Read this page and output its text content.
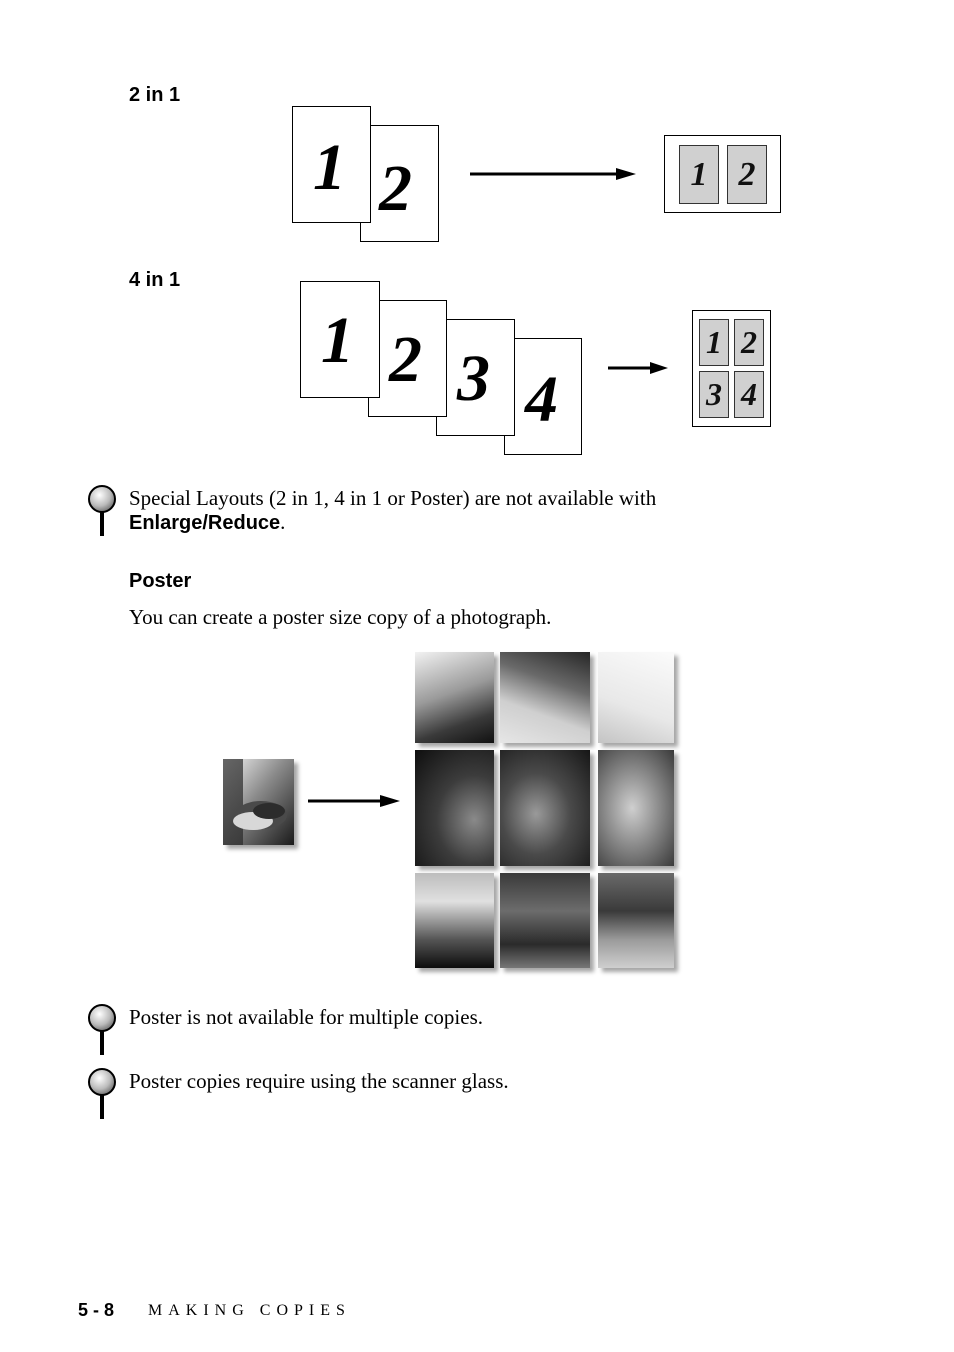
2 in 1
2
1	1 2
4 in 1
4
3
2
1	1 2
3 4
Special Layouts (2 in 1, 4 in 1 or Poster) are not available with
Enlarge/Reduce.
Poster
You can create a poster size copy of a photograph.
Poster is not available for multiple copies.
Poster copies require using the scanner glass.
5 - 8 MAKING COPIES
